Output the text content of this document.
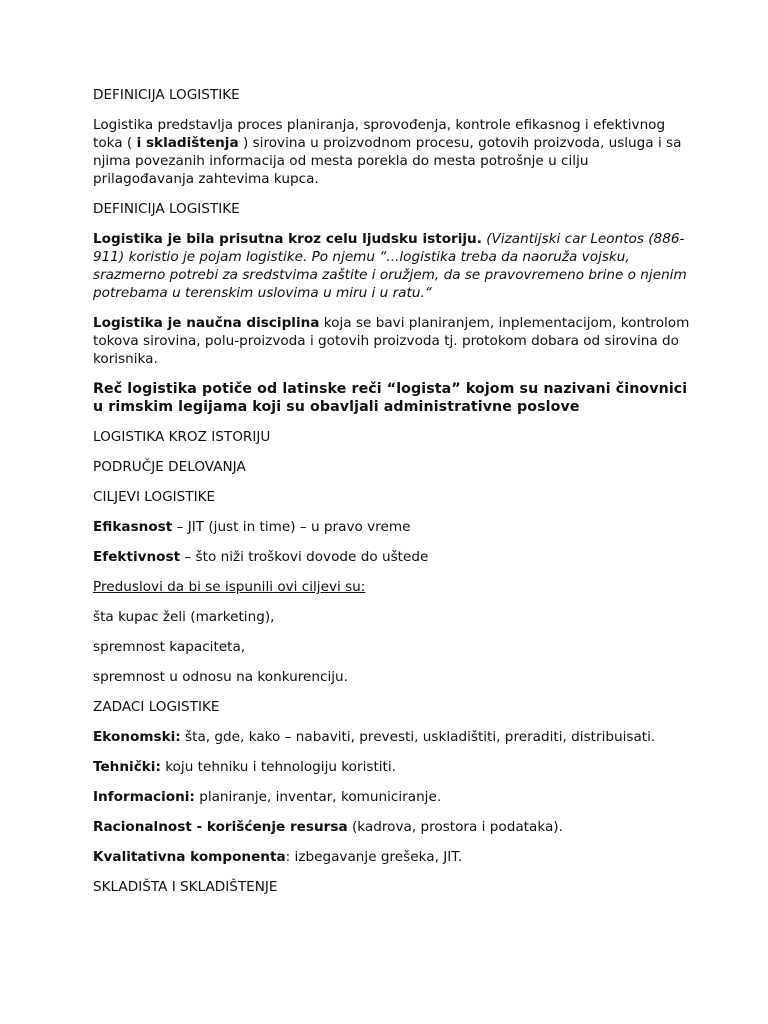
DEFINICIJA LOGISTIKE

Logistika predstavlja proces planiranja, sprovođenja, kontrole efikasnog i efektivnog toka ( i skladištenja ) sirovina u proizvodnom procesu, gotovih proizvoda, usluga i sa njima povezanih informacija od mesta porekla do mesta potrošnje u cilju prilagođavanja zahtevima kupca.

DEFINICIJA LOGISTIKE

Logistika je bila prisutna kroz celu ljudsku istoriju. (Vizantijski car Leontos (886-911) koristio je pojam logistike. Po njemu “...logistika treba da naoruža vojsku, srazmerno potrebi za sredstvima zaštite i oružjem, da se pravovremeno brine o njenim potrebama u terenskim uslovima u miru i u ratu.“

Logistika je naučna disciplina koja se bavi planiranjem, inplementacijom, kontrolom tokova sirovina, polu-proizvoda i gotovih proizvoda tj. protokom dobara od sirovina do korisnika.

Reč logistika potiče od latinske reči “logista” kojom su nazivani činovnici u rimskim legijama koji su obavljali administrativne poslove

LOGISTIKA KROZ ISTORIJU

PODRUČJE DELOVANJA

CILJEVI LOGISTIKE

Efikasnost – JIT (just in time) – u pravo vreme

Efektivnost – što niži troškovi dovode do uštede

Preduslovi da bi se ispunili ovi ciljevi su:

šta kupac želi (marketing),

spremnost kapaciteta,

spremnost u odnosu na konkurenciju.

ZADACI LOGISTIKE

Ekonomski: šta, gde, kako – nabaviti, prevesti, uskladištiti, preraditi, distribuisati.

Tehnički: koju tehniku i tehnologiju koristiti.

Informacioni: planiranje, inventar, komuniciranje.

Racionalnost - korišćenje resursa (kadrova, prostora i podataka).

Kvalitativna komponenta: izbegavanje grešeka, JIT.

SKLADIŠTA I SKLADIŠTENJE
